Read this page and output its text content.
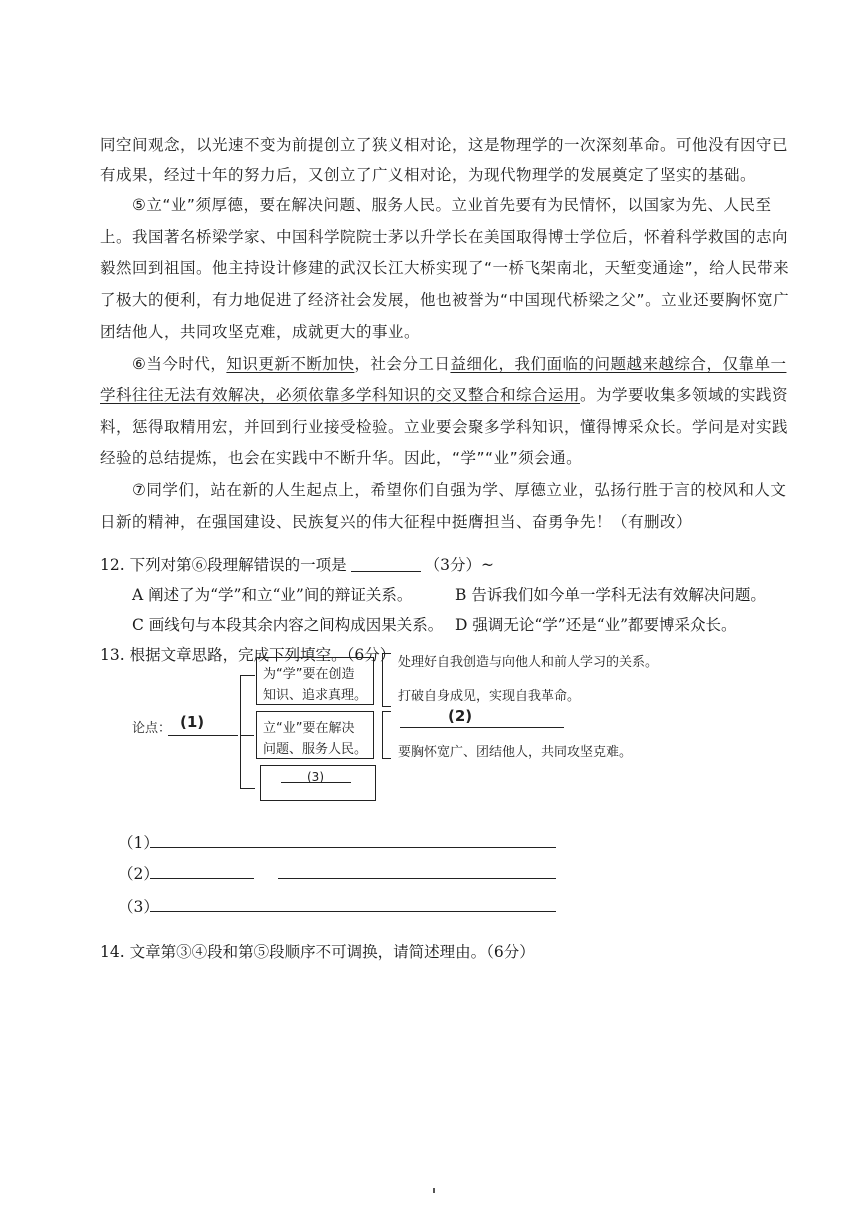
同空间观念，以光速不变为前提创立了狭义相对论，这是物理学的一次深刻革命。可他没有因守已
有成果，经过十年的努力后，又创立了广义相对论，为现代物理学的发展奠定了坚实的基础。
⑤立“业”须厚德，要在解决问题、服务人民。立业首先要有为民情怀，以国家为先、人民至
上。我国著名桥梁学家、中国科学院院士茅以升学长在美国取得博士学位后，怀着科学救国的志向
毅然回到祖国。他主持设计修建的武汉长江大桥实现了“一桥飞架南北，天堑变通途”，给人民带来
了极大的便利，有力地促进了经济社会发展，他也被誉为“中国现代桥梁之父”。立业还要胸怀宽广
团结他人，共同攻坚克难，成就更大的事业。
⑥当今时代，知识更新不断加快，社会分工日益细化，我们面临的问题越来越综合，仅靠单一
学科往往无法有效解决，必须依靠多学科知识的交叉整合和综合运用。为学要收集多领域的实践资
料，惩得取精用宏，并回到行业接受检验。立业要会聚多学科知识，懂得博采众长。学问是对实践
经验的总结提炼，也会在实践中不断升华。因此，“学”“业”须会通。
⑦同学们，站在新的人生起点上，希望你们自强为学、厚德立业，弘扬行胜于言的校风和人文
日新的精神，在强国建设、民族复兴的伟大征程中挺膺担当、奋勇争先！（有删改）
12. 下列对第⑥段理解错误的一项是	（3分）~
A 阐述了为“学”和立“业”间的辩证关系。	B 告诉我们如今单一学科无法有效解决问题。
C 画线句与本段其余内容之间构成因果关系。 D 强调无论“学”还是“业”都要博采众长。
13. 根据文章思路，完成下列填空。（6分）
论点： (1)
为“学”要在创造
知识、追求真理。
立“业”要在解决
问题、服务人民。
(3)
处理好自我创造与向他人和前人学习的关系。
打破自身成见，实现自我革命。
(2)
要胸怀宽广、团结他人，共同攻坚克难。
（1）
（2）
（3）
14. 文章第③④段和第⑤段顺序不可调换，请简述理由。（6分）
